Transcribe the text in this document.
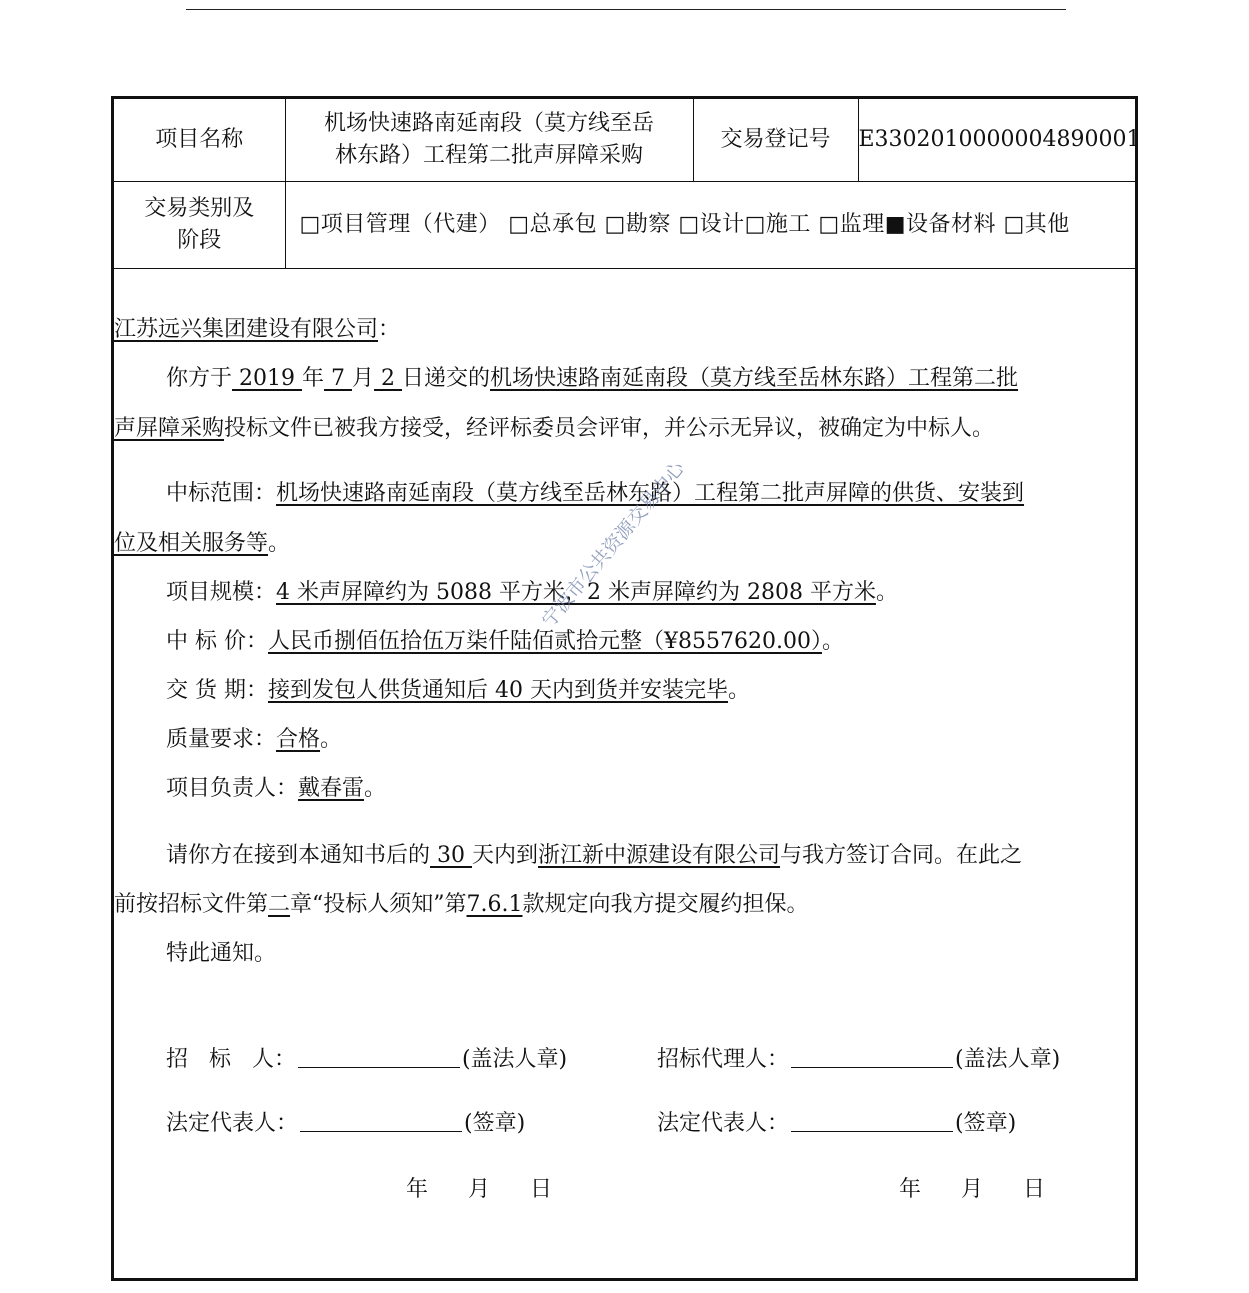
项目名称	机场快速路南延南段（莫方线至岳
林东路）工程第二批声屏障采购	交易登记号	E3302010000004890001
交易类别及
阶段	□项目管理（代建） □总承包 □勘察 □设计□施工 □监理■设备材料 □其他		
江苏远兴集团建设有限公司：
你方于 2019 年 7 月 2 日递交的机场快速路南延南段（莫方线至岳林东路）工程第二批
声屏障采购投标文件已被我方接受，经评标委员会评审，并公示无异议，被确定为中标人。
中标范围：机场快速路南延南段（莫方线至岳林东路）工程第二批声屏障的供货、安装到
位及相关服务等。
项目规模：4 米声屏障约为 5088 平方米，2 米声屏障约为 2808 平方米。
中 标 价：人民币捌佰伍拾伍万柒仟陆佰贰拾元整（¥8557620.00）。
交 货 期：接到发包人供货通知后 40 天内到货并安装完毕。
质量要求：合格。
项目负责人：戴春雷。
请你方在接到本通知书后的 30 天内到浙江新中源建设有限公司与我方签订合同。在此之
前按招标文件第二章“投标人须知”第7.6.1款规定向我方提交履约担保。
特此通知。
招   标   人：	(盖法人章)	招标代理人：	(盖法人章)
法定代表人：	(签章)	法定代表人：	(签章)
年 月 日	年 月 日
宁波市公共资源交易中心
